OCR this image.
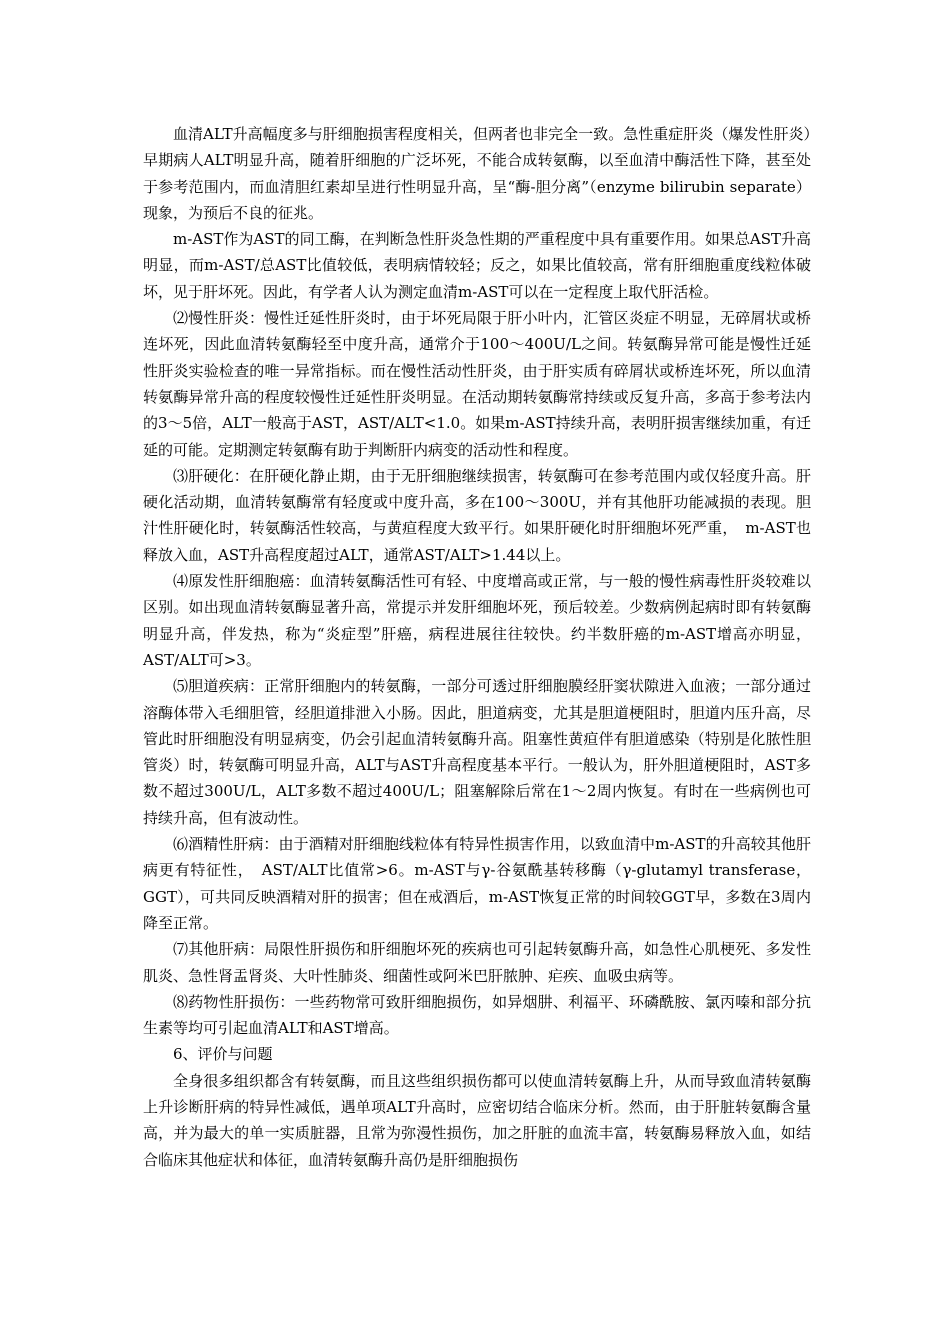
血清ALT升高幅度多与肝细胞损害程度相关，但两者也非完全一致。急性重症肝炎（爆发性肝炎）早期病人ALT明显升高，随着肝细胞的广泛坏死，不能合成转氨酶，以至血清中酶活性下降，甚至处于参考范围内，而血清胆红素却呈进行性明显升高，呈“酶-胆分离”（enzyme bilirubin separate）现象，为预后不良的征兆。

m-AST作为AST的同工酶，在判断急性肝炎急性期的严重程度中具有重要作用。如果总AST升高明显，而m-AST/总AST比值较低，表明病情较轻；反之，如果比值较高，常有肝细胞重度线粒体破坏，见于肝坏死。因此，有学者人认为测定血清m-AST可以在一定程度上取代肝活检。

⑵慢性肝炎：慢性迁延性肝炎时，由于坏死局限于肝小叶内，汇管区炎症不明显，无碎屑状或桥连坏死，因此血清转氨酶轻至中度升高，通常介于100～400U/L之间。转氨酶异常可能是慢性迁延性肝炎实验检查的唯一异常指标。而在慢性活动性肝炎，由于肝实质有碎屑状或桥连坏死，所以血清转氨酶异常升高的程度较慢性迁延性肝炎明显。在活动期转氨酶常持续或反复升高，多高于参考法内的3～5倍，ALT一般高于AST，AST/ALT<1.0。如果m-AST持续升高，表明肝损害继续加重，有迁延的可能。定期测定转氨酶有助于判断肝内病变的活动性和程度。

⑶肝硬化：在肝硬化静止期，由于无肝细胞继续损害，转氨酶可在参考范围内或仅轻度升高。肝硬化活动期，血清转氨酶常有轻度或中度升高，多在100～300U，并有其他肝功能减损的表现。胆汁性肝硬化时，转氨酶活性较高，与黄疸程度大致平行。如果肝硬化时肝细胞坏死严重，　m-AST也释放入血，AST升高程度超过ALT，通常AST/ALT>1.44以上。

⑷原发性肝细胞癌：血清转氨酶活性可有轻、中度增高或正常，与一般的慢性病毒性肝炎较难以区别。如出现血清转氨酶显著升高，常提示并发肝细胞坏死，预后较差。少数病例起病时即有转氨酶明显升高，伴发热，称为“炎症型”肝癌，病程进展往往较快。约半数肝癌的m-AST增高亦明显，AST/ALT可>3。

⑸胆道疾病：正常肝细胞内的转氨酶，一部分可透过肝细胞膜经肝窦状隙进入血液；一部分通过溶酶体带入毛细胆管，经胆道排泄入小肠。因此，胆道病变，尤其是胆道梗阻时，胆道内压升高，尽管此时肝细胞没有明显病变，仍会引起血清转氨酶升高。阻塞性黄疸伴有胆道感染（特别是化脓性胆管炎）时，转氨酶可明显升高，ALT与AST升高程度基本平行。一般认为，肝外胆道梗阻时，AST多数不超过300U/L，ALT多数不超过400U/L；阻塞解除后常在1～2周内恢复。有时在一些病例也可持续升高，但有波动性。

⑹酒精性肝病：由于酒精对肝细胞线粒体有特异性损害作用，以致血清中m-AST的升高较其他肝病更有特征性，　AST/ALT比值常>6。m-AST与γ-谷氨酰基转移酶（γ-glutamyl transferase，GGT），可共同反映酒精对肝的损害；但在戒酒后，m-AST恢复正常的时间较GGT早，多数在3周内降至正常。

⑺其他肝病：局限性肝损伤和肝细胞坏死的疾病也可引起转氨酶升高，如急性心肌梗死、多发性肌炎、急性肾盂肾炎、大叶性肺炎、细菌性或阿米巴肝脓肿、疟疾、血吸虫病等。

⑻药物性肝损伤：一些药物常可致肝细胞损伤，如异烟肼、利福平、环磷酰胺、氯丙嗪和部分抗生素等均可引起血清ALT和AST增高。

6、评价与问题

全身很多组织都含有转氨酶，而且这些组织损伤都可以使血清转氨酶上升，从而导致血清转氨酶上升诊断肝病的特异性减低，遇单项ALT升高时，应密切结合临床分析。然而，由于肝脏转氨酶含量高，并为最大的单一实质脏器，且常为弥漫性损伤，加之肝脏的血流丰富，转氨酶易释放入血，如结合临床其他症状和体征，血清转氨酶升高仍是肝细胞损伤
